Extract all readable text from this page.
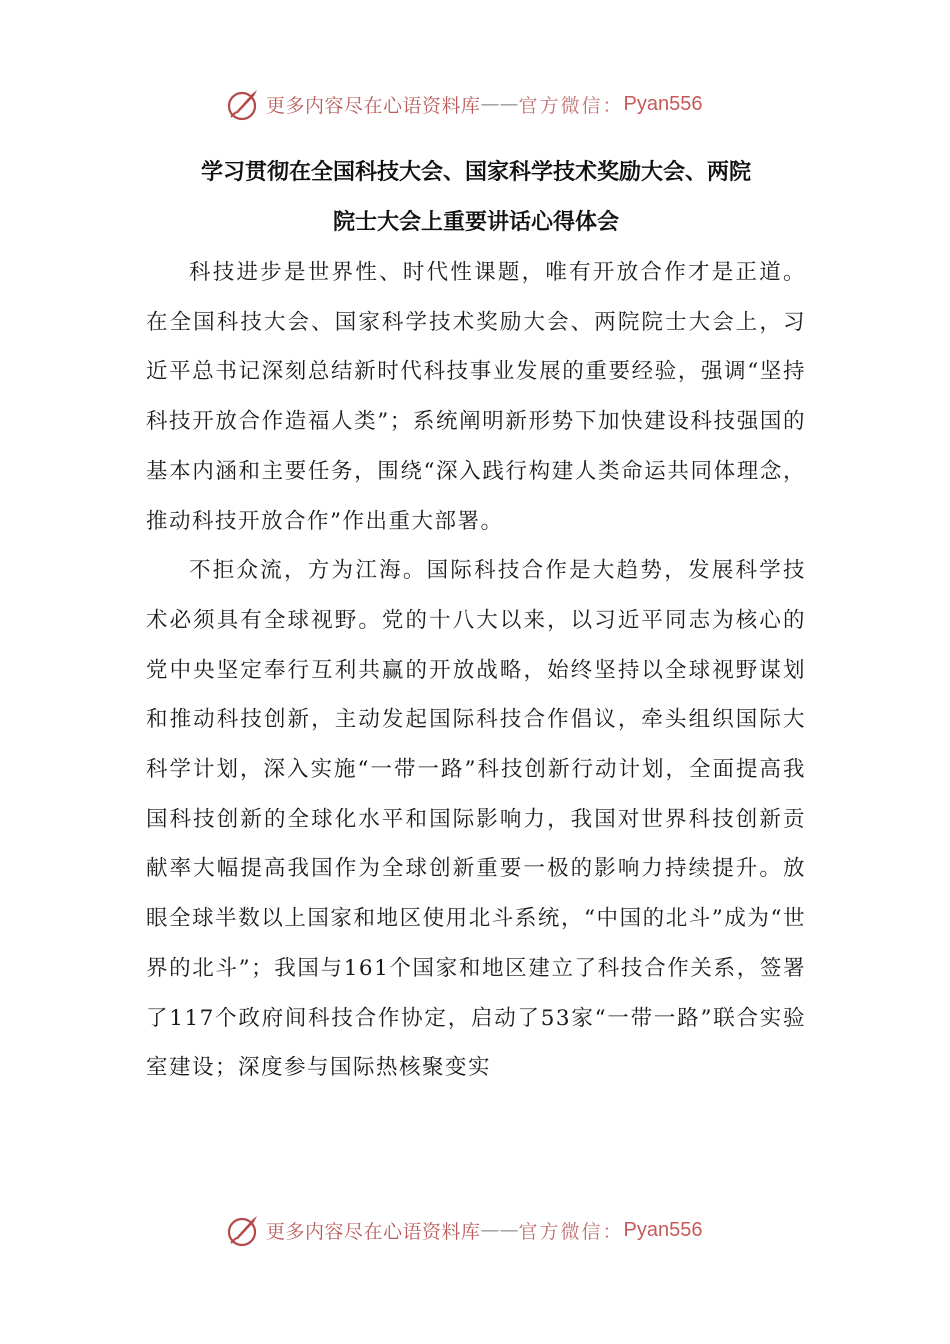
更多内容尽在心语资料库 —— 官方微信： Pyan556
学习贯彻在全国科技大会、国家科学技术奖励大会、两院
院士大会上重要讲话心得体会

科技进步是世界性、时代性课题，唯有开放合作才是正道。在全国科技大会、国家科学技术奖励大会、两院院士大会上，习近平总书记深刻总结新时代科技事业发展的重要经验，强调“坚持科技开放合作造福人类”；系统阐明新形势下加快建设科技强国的基本内涵和主要任务，围绕“深入践行构建人类命运共同体理念，推动科技开放合作”作出重大部署。

不拒众流，方为江海。国际科技合作是大趋势，发展科学技术必须具有全球视野。党的十八大以来，以习近平同志为核心的党中央坚定奉行互利共赢的开放战略，始终坚持以全球视野谋划和推动科技创新，主动发起国际科技合作倡议，牵头组织国际大科学计划，深入实施“一带一路”科技创新行动计划，全面提高我国科技创新的全球化水平和国际影响力，我国对世界科技创新贡献率大幅提高我国作为全球创新重要一极的影响力持续提升。放眼全球半数以上国家和地区使用北斗系统，“中国的北斗”成为“世界的北斗”；我国与161个国家和地区建立了科技合作关系，签署了117个政府间科技合作协定，启动了53家“一带一路”联合实验室建设；深度参与国际热核聚变实

更多内容尽在心语资料库 —— 官方微信： Pyan556
